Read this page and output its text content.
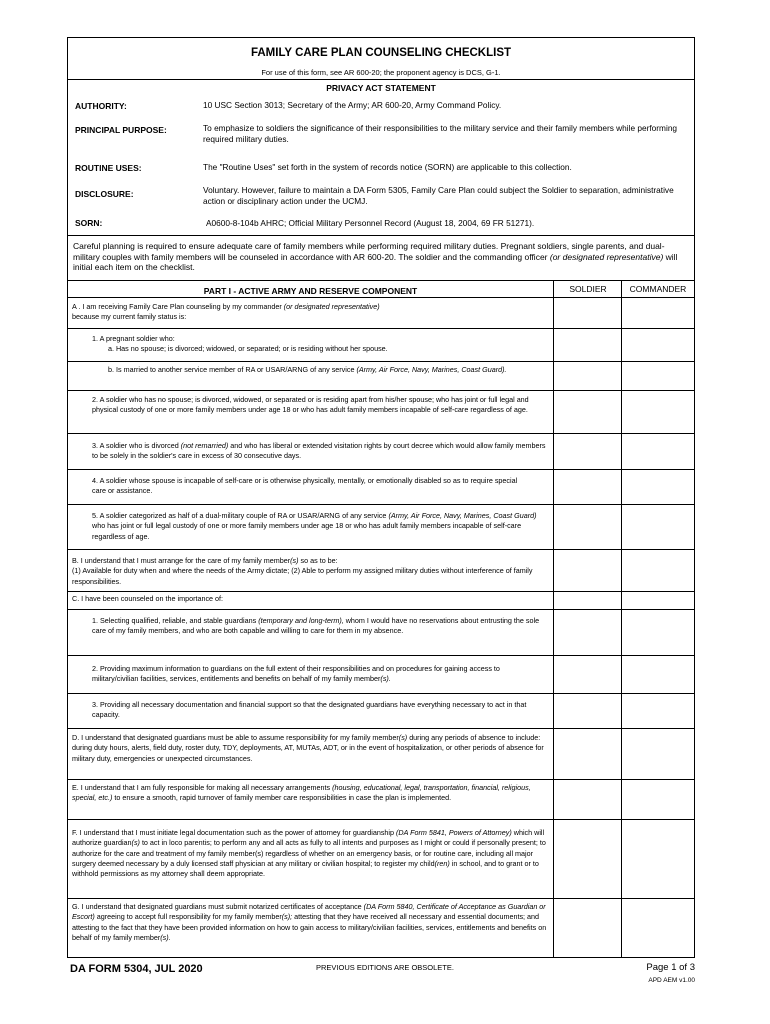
FAMILY CARE PLAN COUNSELING CHECKLIST
For use of this form, see AR 600-20; the proponent agency is DCS, G-1.
PRIVACY ACT STATEMENT
AUTHORITY:	10 USC Section 3013; Secretary of the Army; AR 600-20, Army Command Policy.
PRINCIPAL PURPOSE:	To emphasize to soldiers the significance of their responsibilities to the military service and their family members while performing required military duties.
ROUTINE USES:	The "Routine Uses" set forth in the system of records notice (SORN) are applicable to this collection.
DISCLOSURE:	Voluntary. However, failure to maintain a DA Form 5305, Family Care Plan could subject the Soldier to separation, administrative action or disciplinary action under the UCMJ.
SORN:	A0600-8-104b AHRC; Official Military Personnel Record (August 18, 2004, 69 FR 51271).
Careful planning is required to ensure adequate care of family members while performing required military duties. Pregnant soldiers, single parents, and dual-military couples with family members will be counseled in accordance with AR 600-20. The soldier and the commanding officer (or designated representative) will initial each item on the checklist.
PART I - ACTIVE ARMY AND RESERVE COMPONENT	SOLDIER	COMMANDER
A . I am receiving Family Care Plan counseling by my commander (or designated representative)
because my current family status is:
1. A pregnant soldier who:
a. Has no spouse; is divorced; widowed, or separated; or is residing without her spouse.
b. Is married to another service member of RA or USAR/ARNG of any service (Army, Air Force, Navy, Marines, Coast Guard).
2. A soldier who has no spouse; is divorced, widowed, or separated or is residing apart from his/her spouse; who has joint or full legal and physical custody of one or more family members under age 18 or who has adult family members incapable of self-care regardless of age.
3. A soldier who is divorced (not remarried) and who has liberal or extended visitation rights by court decree which would allow family members to be solely in the soldier's care in excess of 30 consecutive days.
4. A soldier whose spouse is incapable of self-care or is otherwise physically, mentally, or emotionally disabled so as to require special care or assistance.
5. A soldier categorized as half of a dual-military couple of RA or USAR/ARNG of any service (Army, Air Force, Navy, Marines, Coast Guard) who has joint or full legal custody of one or more family members under age 18 or who has adult family members incapable of self-care regardless of age.
B. I understand that I must arrange for the care of my family member(s) so as to be:
(1) Available for duty when and where the needs of the Army dictate; (2) Able to perform my assigned military duties without interference of family responsibilities.
C. I have been counseled on the importance of:
1. Selecting qualified, reliable, and stable guardians (temporary and long-term), whom I would have no reservations about entrusting the sole care of my family members, and who are both capable and willing to care for them in my absence.
2. Providing maximum information to guardians on the full extent of their responsibilities and on procedures for gaining access to military/civilian facilities, services, entitlements and benefits on behalf of my family member(s).
3. Providing all necessary documentation and financial support so that the designated guardians have everything necessary to act in that capacity.
D. I understand that designated guardians must be able to assume responsibility for my family member(s) during any periods of absence to include: during duty hours, alerts, field duty, roster duty, TDY, deployments, AT, MUTAs, ADT, or in the event of hospitalization, or other periods of absence for military duty, emergencies or unexpected circumstances.
E. I understand that I am fully responsible for making all necessary arrangements (housing, educational, legal, transportation, financial, religious, special, etc.) to ensure a smooth, rapid turnover of family member care responsibilities in case the plan is implemented.
F. I understand that I must initiate legal documentation such as the power of attorney for guardianship (DA Form 5841, Powers of Attorney) which will authorize guardian(s) to act in loco parentis; to perform any and all acts as fully to all intents and purposes as I might or could if personally present; to authorize for the care and treatment of my family member(s) regardless of whether on an emergency basis, or for routine care, including all major surgery deemed necessary by a duly licensed staff physician at any military or civilian hospital; to register my child(ren) in school, and to grant or to withhold permissions as my attorney shall deem appropriate.
G. I understand that designated guardians must submit notarized certificates of acceptance (DA Form 5840, Certificate of Acceptance as Guardian or Escort) agreeing to accept full responsibility for my family member(s); attesting that they have received all necessary and essential documents; and attesting to the fact that they have been provided information on how to gain access to military/civilian facilities, services, entitlements and benefits on behalf of my family member(s).
DA FORM 5304, JUL 2020	PREVIOUS EDITIONS ARE OBSOLETE.	Page 1 of 3
APD AEM v1.00
